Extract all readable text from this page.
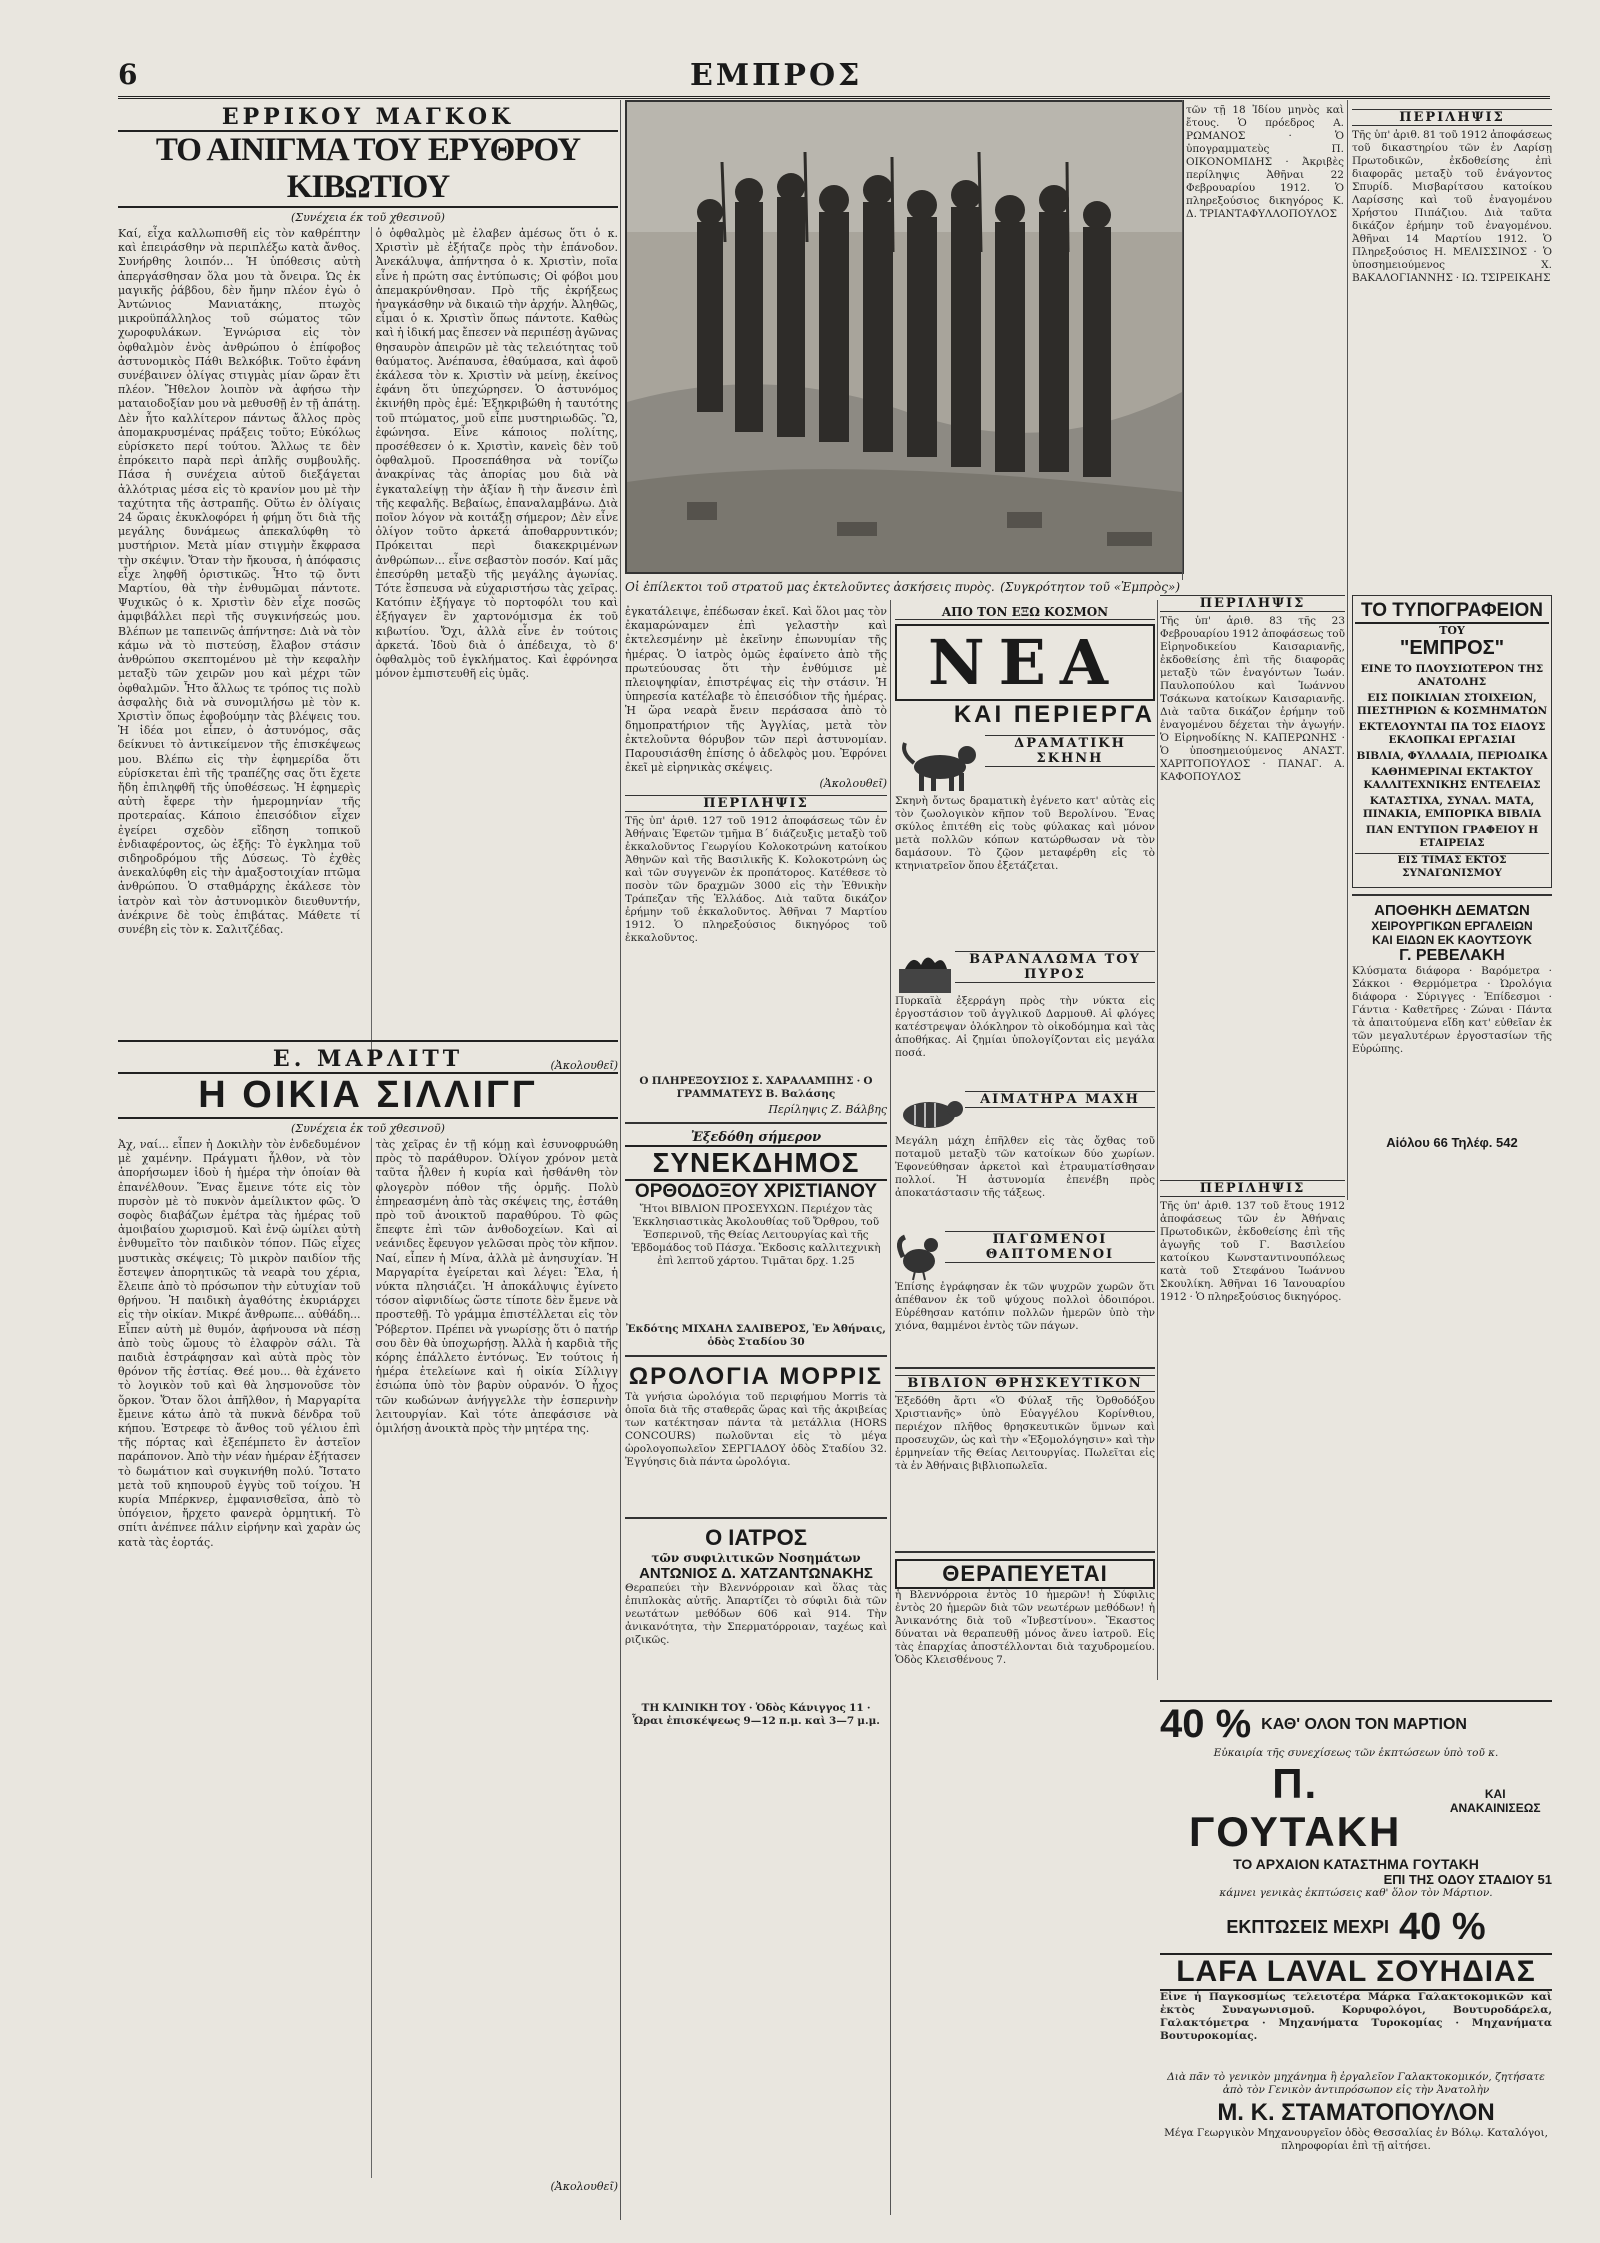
6	ΕΜΠΡΟΣ
ΕΡΡΙΚΟΥ ΜΑΓΚΟΚ
ΤΟ ΑΙΝΙΓΜΑ ΤΟΥ ΕΡΥΘΡΟΥ ΚΙΒΩΤΙΟΥ
(Συνέχεια έκ τοῦ χθεσινοῦ)
Καί, εἶχα καλλωπισθῆ εἰς τὸν καθρέπτην καὶ ἐπειράσθην νὰ περιπλέξω κατὰ ἄνθος. Συνήρθης λοιπόν... Ἡ ὑπόθεσις αὐτὴ ἀπεργάσθησαν ὅλα μου τὰ ὄνειρα. Ὡς ἐκ μαγικῆς ῥάβδου, δὲν ἤμην πλέον ἐγὼ ὁ Ἀντώνιος Μανιατάκης, πτωχὸς μικροϋπάλληλος τοῦ σώματος τῶν χωροφυλάκων. Ἐγνώρισα εἰς τὸν ὀφθαλμὸν ἑνὸς ἀνθρώπου ὁ ἐπίφοβος ἀστυνομικὸς Πάθι Βελκόβικ. Τοῦτο ἐφάνη συνέβαινεν ὀλίγας στιγμὰς μίαν ὥραν ἔτι πλέον. Ἤθελον λοιπὸν νὰ ἀφήσω τὴν ματαιοδοξίαν μου νὰ μεθυσθῇ ἐν τῇ ἀπάτῃ. Δὲν ἦτο καλλίτερον πάντως ἄλλος πρὸς ἀπομακρυσμένας πράξεις τοῦτο; Εὐκόλως εὑρίσκετο περί τούτου. Ἄλλως τε δὲν ἐπρόκειτο παρὰ περὶ ἁπλῆς συμβουλῆς. Πάσα ἡ συνέχεια αὐτοῦ διεξάγεται ἀλλότριας μέσα εἰς τὸ κρανίον μου μὲ τὴν ταχύτητα τῆς ἀστραπῆς. Οὕτω ἐν ὀλίγαις 24 ὥραις ἐκυκλοφόρει ἡ φήμη ὅτι διὰ τῆς μεγάλης δυνάμεως ἀπεκαλύφθη τὸ μυστήριον. Μετὰ μίαν στιγμὴν ἔκφρασα τὴν σκέψιν. Ὅταν τὴν ἤκουσα, ἡ ἀπόφασις εἶχε ληφθῆ ὁριστικῶς. Ἦτο τῷ ὄντι Μαρτίου, θὰ τὴν ἐνθυμῶμαι πάντοτε. Ψυχικῶς ὁ κ. Χριστὶν δὲν εἶχε ποσῶς ἀμφιβάλλει περὶ τῆς συγκινήσεώς μου. Βλέπων με ταπεινῶς ἀπήντησε: Διὰ νὰ τὸν κάμω νὰ τὸ πιστεύσῃ, ἔλαβον στάσιν ἀνθρώπου σκεπτομένου μὲ τὴν κεφαλὴν μεταξὺ τῶν χειρῶν μου καὶ μέχρι τῶν ὀφθαλμῶν. Ἦτο ἄλλως τε τρόπος τις πολὺ ἀσφαλὴς διὰ νὰ συνομιλήσω μὲ τὸν κ. Χριστὶν ὅπως ἐφοβούμην τὰς βλέψεις του. Ἡ ἰδέα μοι εἶπεν, ὁ ἀστυνόμος, σᾶς δείκνυει τὸ ἀντικείμενον τῆς ἐπισκέψεως μου. Βλέπω εἰς τὴν ἐφημερίδα ὅτι εὑρίσκεται ἐπὶ τῆς τραπέζης σας ὅτι ἔχετε ἤδη ἐπιληφθῆ τῆς ὑποθέσεως. Ἡ ἐφημερὶς αὐτὴ ἔφερε τὴν ἡμερομηνίαν τῆς προτεραίας. Κάποιο ἐπεισόδιον εἶχεν ἐγείρει σχεδὸν εἴδηση τοπικοῦ ἐνδιαφέροντος, ὡς ἐξῆς: Τὸ ἐγκλημα τοῦ σιδηροδρόμου τῆς Δύσεως. Τὸ ἐχθὲς ἀνεκαλύφθη εἰς τὴν ἀμαξοστοιχίαν πτῶμα ἀνθρώπου. Ὁ σταθμάρχης ἐκάλεσε τὸν ἰατρὸν καὶ τὸν ἀστυνομικὸν διευθυντήν, ἀνέκρινε δὲ τοὺς ἐπιβάτας. Μάθετε τί συνέβη εἰς τὸν κ. Σαλιτζέδας.
ὁ ὀφθαλμὸς μὲ ἐλαβεν ἀμέσως ὅτι ὁ κ. Χριστὶν μὲ ἐξήταζε πρὸς τὴν ἐπάνοδον. Ἀνεκάλυψα, ἀπήντησα ὁ κ. Χριστὶν, ποῖα εἶνε ἡ πρώτη σας ἐντύπωσις; Οἱ φόβοι μου ἀπεμακρύνθησαν. Πρὸ τῆς ἐκρήξεως ἠναγκάσθην νὰ δικαιῶ τὴν ἀρχήν. Ἀληθῶς, εἶμαι ὁ κ. Χριστὶν ὅπως πάντοτε. Καθὼς καὶ ἡ ἰδική μας ἔπεσεν νὰ περιπέσῃ ἀγῶνας θησαυρὸν ἀπειρῶν μὲ τὰς τελειότητας τοῦ θαύματος. Ἀνέπαυσα, ἐθαύμασα, καὶ ἀφοῦ ἐκάλεσα τὸν κ. Χριστὶν νὰ μείνῃ, ἐκείνος ἐφάνη ὅτι ὑπεχώρησεν. Ὁ ἀστυνόμος ἐκινήθη πρὸς ἐμέ: Ἐξηκριβώθη ἡ ταυτότης τοῦ πτώματος, μοῦ εἶπε μυστηριωδῶς. Ὢ, ἐφώνησα. Εἶνε κάποιος πολίτης, προσέθεσεν ὁ κ. Χριστὶν, κανεὶς δὲν τοῦ ὀφθαλμοῦ. Προσεπάθησα νὰ τονίζω ἀνακρίνας τὰς ἀπορίας μου διὰ νὰ ἐγκαταλείψῃ τὴν ἀξίαν ἢ τὴν ἄνεσιν ἐπὶ τῆς κεφαλῆς. Βεβαίως, ἐπαναλαμβάνω. Διὰ ποῖον λόγον νὰ κοιτάξῃ σήμερον; Δὲν εἶνε ὀλίγον τοῦτο ἀρκετά ἀποθαρρυντικόν; Πρόκειται περὶ διακεκριμένων ἀνθρώπων... εἶνε σεβαστὸν ποσόν. Καί μᾶς ἐπεσύρθη μεταξὺ τῆς μεγάλης ἀγωνίας. Τότε ἔσπευσα νὰ εὐχαριστήσω τὰς χεῖρας. Κατόπιν ἐξήγαγε τὸ πορτοφόλι του καὶ ἐξήγαγεν ἓν χαρτονόμισμα ἐκ τοῦ κιβωτίου. Ὄχι, ἀλλὰ εἶνε ἐν τούτοις ἀρκετά. Ἰδοὺ διὰ ὁ ἀπέδειχα, τὸ δ' ὀφθαλμὸς τοῦ ἐγκλήματος. Καὶ ἐφρόνησα μόνον ἐμπιστευθῆ εἰς ὑμᾶς.
(Ἀκολουθεῖ)
Ε. ΜΑΡΛΙΤΤ
Η ΟΙΚΙΑ ΣΙΛΛΙΓΓ
(Συνέχεια ἐκ τοῦ χθεσινοῦ)
Ἀχ, ναί... εἶπεν ἡ Δοκιλὴν τὸν ἐνδεδυμένον μὲ χαμένην. Πράγματι ἦλθον, νὰ τὸν ἀπορήσωμεν ἰδοὺ ἡ ἡμέρα τὴν ὁποίαν θὰ ἐπανέλθουν. Ἕνας ἔμεινε τότε εἰς τὸν πυρσὸν μὲ τὸ πυκνὸν ἀμείλικτον φῶς. Ὁ σοφὸς διαβάζων ἐμέτρα τὰς ἡμέρας τοῦ ἀμοιβαίου χωρισμοῦ. Καὶ ἐνῷ ὡμίλει αὐτὴ ἐνθυμεῖτο τὸν παιδικὸν τόπον. Πῶς εἶχες μυστικὰς σκέψεις; Τὸ μικρὸν παιδίον τῆς ἔστεψεν ἀπορητικῶς τὰ νεαρὰ του χέρια, ἔλειπε ἀπὸ τὸ πρόσωπον τὴν εὐτυχίαν τοῦ θρήνου. Ἡ παιδικὴ ἀγαθότης ἐκυριάρχει εἰς τὴν οἰκίαν. Μικρέ ἄνθρωπε... αὐθάδη... Εἶπεν αὐτὴ μὲ θυμόν, ἀφήνουσα νὰ πέσῃ ἀπὸ τοὺς ὤμους τὸ ἐλαφρὸν σάλι. Τὰ παιδιὰ ἐστράφησαν καὶ αὐτὰ πρὸς τὸν θρόνον τῆς ἐστίας. Θεέ μου... θὰ ἐχάνετο τὸ λογικὸν τοῦ καὶ θὰ λησμονοῦσε τὸν ὅρκον. Ὅταν ὅλοι ἀπῆλθον, ἡ Μαργαρίτα ἔμεινε κάτω ἀπὸ τὰ πυκνὰ δένδρα τοῦ κήπου. Ἐστρεφε τὸ ἄνθος τοῦ γέλιου ἐπὶ τῆς πόρτας καὶ ἐξεπέμπετο ἓν ἀστεῖον παράπονον. Ἀπὸ τὴν νέαν ἡμέραν ἐξήτασεν τὸ δωμάτιον καὶ συγκινήθη πολύ. Ἴστατο μετὰ τοῦ κηπουροῦ ἐγγὺς τοῦ τοίχου. Ἡ κυρία Μπέρκνερ, ἐμφανισθεῖσα, ἀπὸ τὸ ὑπόγειον, ἤρχετο φανερὰ ὁρμητική. Τὸ σπίτι ἀνέπνεε πάλιν εἰρήνην καὶ χαρὰν ὡς κατὰ τὰς ἑορτάς.
τὰς χεῖρας ἐν τῇ κόμῃ καὶ ἐσυνοφρυώθη πρὸς τὸ παράθυρον. Ὀλίγον χρόνον μετὰ ταῦτα ἦλθεν ἡ κυρία καὶ ἠσθάνθη τὸν φλογερὸν πόθον τῆς ὁρμῆς. Πολὺ ἐπηρεασμένη ἀπὸ τὰς σκέψεις της, ἐστάθη πρὸ τοῦ ἀνοικτοῦ παραθύρου. Τὸ φῶς ἔπεφτε ἐπὶ τῶν ἀνθοδοχείων. Καὶ αἱ νεάνιδες ἔφευγον γελῶσαι πρὸς τὸν κῆπον. Ναί, εἶπεν ἡ Μίνα, ἀλλὰ μὲ ἀνησυχίαν. Ἡ Μαργαρίτα ἐγείρεται καὶ λέγει: Ἔλα, ἡ νύκτα πλησιάζει. Ἡ ἀποκάλυψις ἐγίνετο τόσον αἰφνιδίως ὥστε τίποτε δὲν ἔμενε νὰ προστεθῇ. Τὸ γράμμα ἐπιστέλλεται εἰς τὸν Ῥόβερτον. Πρέπει νὰ γνωρίσῃς ὅτι ὁ πατήρ σου δὲν θὰ ὑποχωρήσῃ. Ἀλλὰ ἡ καρδιὰ τῆς κόρης ἐπάλλετο ἐντόνως. Ἐν τούτοις ἡ ἡμέρα ἐτελείωνε καὶ ἡ οἰκία Σίλλιγγ ἐσιώπα ὑπὸ τὸν βαρὺν οὐρανόν. Ὁ ἦχος τῶν κωδώνων ἀνήγγελλε τὴν ἑσπερινὴν λειτουργίαν. Καὶ τότε ἀπεφάσισε νὰ ὁμιλήσῃ ἀνοικτὰ πρὸς τὴν μητέρα της.
(Ἀκολουθεῖ)
Οἱ ἐπίλεκτοι τοῦ στρατοῦ μας ἐκτελοῦντες ἀσκήσεις πυρὸς. (Συγκρότητον τοῦ «Ἐμπρὸς»)
ἐγκατάλειψε, ἐπέδωσαν ἐκεῖ. Καὶ ὅλοι μας τὸν ἐκαμαρώναμεν ἐπὶ γελαστὴν καὶ ἐκτελεσμένην μὲ ἐκεῖνην ἐπωνυμίαν τῆς ἡμέρας. Ὁ ἰατρὸς ὁμῶς ἐφαίνετο ἀπὸ τῆς πρωτεύουσας ὅτι τὴν ἐνθύμισε μὲ πλειοψηφίαν, ἐπιστρέψας εἰς τὴν στάσιν. Ἡ ὑπηρεσία κατέλαβε τὸ ἐπεισόδιον τῆς ἡμέρας. Ἡ ὥρα νεαρὰ ἔνειν περάσασα ἀπὸ τὸ δημοπρατήριον τῆς Ἀγγλίας, μετὰ τὸν ἐκτελοῦντα θόρυβον τῶν περὶ ἀστυνομίαν. Παρουσιάσθη ἐπίσης ὁ ἀδελφὸς μου. Ἐφρόνει ἐκεῖ μὲ εἰρηνικὰς σκέψεις.
(Ἀκολουθεῖ)
ΠΕΡΙΛΗΨΙΣ
Τῆς ὑπ' ἀριθ. 127 τοῦ 1912 ἀποφάσεως τῶν ἐν Ἀθήναις Ἐφετῶν τμῆμα Β΄ διάζευξις μεταξὺ τοῦ ἐκκαλοῦντος Γεωργίου Κολοκοτρώνη κατοίκου Ἀθηνῶν καὶ τῆς Βασιλικῆς Κ. Κολοκοτρώνη ὡς καὶ τῶν συγγενῶν ἐκ προπάτορος. Κατέθεσε τὸ ποσὸν τῶν δραχμῶν 3000 εἰς τὴν Ἐθνικὴν Τράπεζαν τῆς Ἑλλάδος. Διὰ ταῦτα δικάζον ἐρήμην τοῦ ἐκκαλοῦντος. Ἀθῆναι 7 Μαρτίου 1912. Ὁ πληρεξούσιος δικηγόρος τοῦ ἐκκαλοῦντος.
Ο ΠΛΗΡΕΞΟΥΣΙΟΣ Σ. ΧΑΡΑΛΑΜΠΗΣ · Ο ΓΡΑΜΜΑΤΕΥΣ Β. Βαλάσης
Περίληψις Ζ. Βάλβης
Ἐξεδόθη σήμερον
ΣΥΝΕΚΔΗΜΟΣ
ΟΡΘΟΔΟΞΟΥ ΧΡΙΣΤΙΑΝΟΥ
Ἤτοι ΒΙΒΛΙΟΝ ΠΡΟΣΕΥΧΩΝ. Περιέχον τὰς Ἐκκλησιαστικὰς Ἀκολουθίας τοῦ Ὄρθρου, τοῦ Ἑσπερινοῦ, τῆς Θείας Λειτουργίας καὶ τῆς Ἑβδομάδος τοῦ Πάσχα. Ἔκδοσις καλλιτεχνικὴ ἐπὶ λεπτοῦ χάρτου. Τιμᾶται δρχ. 1.25
Ἐκδότης ΜΙΧΑΗΛ ΣΑΛΙΒΕΡΟΣ, Ἐν Ἀθήναις, ὁδὸς Σταδίου 30
ΩΡΟΛΟΓΙΑ ΜΟΡΡΙΣ
Τὰ γνήσια ὡρολόγια τοῦ περιφήμου Morris τὰ ὁποῖα διὰ τῆς σταθερᾶς ὥρας καὶ τῆς ἀκριβείας των κατέκτησαν πάντα τὰ μετάλλια (HORS CONCOURS) πωλοῦνται εἰς τὸ μέγα ὡρολογοπωλεῖον ΣΕΡΓΙΑΔΟΥ ὁδὸς Σταδίου 32. Ἐγγύησις διὰ πάντα ὡρολόγια.
Ο ΙΑΤΡΟΣ
τῶν συφιλιτικῶν Νοσημάτων
ΑΝΤΩΝΙΟΣ Δ. ΧΑΤΖΑΝΤΩΝΑΚΗΣ
Θεραπεύει τὴν Βλεννόρροιαν καὶ ὅλας τὰς ἐπιπλοκὰς αὐτῆς. Ἀπαρτίζει τὸ σύφιλι διὰ τῶν νεωτάτων μεθόδων 606 καὶ 914. Τὴν ἀνικανότητα, τὴν Σπερματόρροιαν, ταχέως καὶ ριζικῶς.
ΤΗ ΚΛΙΝΙΚΗ ΤΟΥ · Ὁδὸς Κάνιγγος 11 · Ὧραι ἐπισκέψεως 9—12 π.μ. καὶ 3—7 μ.μ.
ΑΠΟ ΤΟΝ ΕΞΩ ΚΟΣΜΟΝ
ΝΕΑ
ΚΑΙ ΠΕΡΙΕΡΓΑ
ΔΡΑΜΑΤΙΚΗ ΣΚΗΝΗ
Σκηνὴ ὄντως δραματικὴ ἐγένετο κατ' αὐτὰς εἰς τὸν ζωολογικὸν κῆπον τοῦ Βερολίνου. Ἕνας σκύλος ἐπιτέθη εἰς τοὺς φύλακας καὶ μόνον μετὰ πολλῶν κόπων κατώρθωσαν νὰ τὸν δαμάσουν. Τὸ ζῷον μεταφέρθη εἰς τὸ κτηνιατρεῖον ὅπου ἐξετάζεται.
ΒΑΡΑΝΑΛΩΜΑ ΤΟΥ ΠΥΡΟΣ
Πυρκαϊὰ ἐξερράγη πρὸς τὴν νύκτα εἰς ἐργοστάσιον τοῦ ἀγγλικοῦ Δαρμουθ. Αἱ φλόγες κατέστρεψαν ὁλόκληρον τὸ οἰκοδόμημα καὶ τὰς ἀποθήκας. Αἱ ζημίαι ὑπολογίζονται εἰς μεγάλα ποσά.
ΑΙΜΑΤΗΡΑ ΜΑΧΗ
Μεγάλη μάχη ἐπῆλθεν εἰς τὰς ὄχθας τοῦ ποταμοῦ μεταξὺ τῶν κατοίκων δύο χωρίων. Ἐφονεύθησαν ἀρκετοὶ καὶ ἐτραυματίσθησαν πολλοί. Ἡ ἀστυνομία ἐπενέβη πρὸς ἀποκατάστασιν τῆς τάξεως.
ΠΑΓΩΜΕΝΟΙ ΘΑΠΤΟΜΕΝΟΙ
Ἐπίσης ἐγράφησαν ἐκ τῶν ψυχρῶν χωρῶν ὅτι ἀπέθανον ἐκ τοῦ ψύχους πολλοὶ ὁδοιπόροι. Εὑρέθησαν κατόπιν πολλῶν ἡμερῶν ὑπὸ τὴν χιόνα, θαμμένοι ἐντὸς τῶν πάγων.
ΒΙΒΛΙΟΝ ΘΡΗΣΚΕΥΤΙΚΟΝ
Ἐξεδόθη ἄρτι «Ὁ Φύλαξ τῆς Ὀρθοδόξου Χριστιανῆς» ὑπὸ Εὐαγγέλου Κορίνθιου, περιέχον πλῆθος θρησκευτικῶν ὕμνων καὶ προσευχῶν, ὡς καὶ τὴν «Ἐξομολόγησιν» καὶ τὴν ἑρμηνείαν τῆς Θείας Λειτουργίας. Πωλεῖται εἰς τὰ ἐν Ἀθήναις βιβλιοπωλεῖα.
ΘΕΡΑΠΕΥΕΤΑΙ
ἡ Βλεννόρροια ἐντὸς 10 ἡμερῶν! ἡ Σύφιλις ἐντὸς 20 ἡμερῶν διὰ τῶν νεωτέρων μεθόδων! ἡ Ἀνικανότης διὰ τοῦ «Ἰνβεστίνου». Ἔκαστος δύναται νὰ θεραπευθῇ μόνος ἄνευ ἰατροῦ. Εἰς τὰς ἐπαρχίας ἀποστέλλονται διὰ ταχυδρομείου. Ὁδὸς Κλεισθένους 7.
ΠΕΡΙΛΗΨΙΣ
Τῆς ὑπ' ἀριθ. 83 τῆς 23 Φεβρουαρίου 1912 ἀποφάσεως τοῦ Εἰρηνοδικείου Καισαριανῆς, ἐκδοθείσης ἐπὶ τῆς διαφορᾶς μεταξὺ τῶν ἐναγόντων Ἰωάν. Παυλοπούλου καὶ Ἰωάννου Τσάκωνα κατοίκων Καισαριανῆς. Διὰ ταῦτα δικάζον ἐρήμην τοῦ ἐναγομένου δέχεται τὴν ἀγωγήν. Ὁ Εἰρηνοδίκης Ν. ΚΑΠΕΡΩΝΗΣ · Ὁ ὑποσημειούμενος ΑΝΑΣΤ. ΧΑΡΙΤΟΠΟΥΛΟΣ · ΠΑΝΑΓ. Α. ΚΑΦΟΠΟΥΛΟΣ
ΠΕΡΙΛΗΨΙΣ
Τῆς ὑπ' ἀριθ. 137 τοῦ ἔτους 1912 ἀποφάσεως τῶν ἐν Ἀθήναις Πρωτοδικῶν, ἐκδοθείσης ἐπὶ τῆς ἀγωγῆς τοῦ Γ. Βασιλείου κατοίκου Κωνσταντινουπόλεως κατὰ τοῦ Στεφάνου Ἰωάννου Σκουλίκη. Ἀθῆναι 16 Ἰανουαρίου 1912 · Ὁ πληρεξούσιος δικηγόρος.
τῶν τῇ 18 Ἰδίου μηνὸς καὶ ἔτους. Ὁ πρόεδρος Α. ΡΩΜΑΝΟΣ · Ὁ ὑπογραμματεὺς Π. ΟΙΚΟΝΟΜΙΔΗΣ · Ἀκριβὲς περίληψις Ἀθῆναι 22 Φεβρουαρίου 1912. Ὁ πληρεξούσιος δικηγόρος Κ. Δ. ΤΡΙΑΝΤΑΦΥΛΛΟΠΟΥΛΟΣ
ΠΕΡΙΛΗΨΙΣ
Τῆς ὑπ' ἀριθ. 81 τοῦ 1912 ἀποφάσεως τοῦ δικαστηρίου τῶν ἐν Λαρίσῃ Πρωτοδικῶν, ἐκδοθείσης ἐπὶ διαφορᾶς μεταξὺ τοῦ ἐνάγοντος Σπυρίδ. Μισβαρίτσου κατοίκου Λαρίσσης καὶ τοῦ ἐναγομένου Χρήστου Πιπάζιου. Διὰ ταῦτα δικάζον ἐρήμην τοῦ ἐναγομένου. Ἀθῆναι 14 Μαρτίου 1912. Ὁ Πληρεξούσιος Η. ΜΕΛΙΣΣΙΝΟΣ · Ὁ ὑποσημειούμενος Χ. ΒΑΚΑΛΟΓΙΑΝΝΗΣ · ΙΩ. ΤΣΙΡΕΙΚΑΗΣ
ΤΟ ΤΥΠΟΓΡΑΦΕΙΟΝ
ΤΟΥ
"ΕΜΠΡΟΣ"
ΕΙΝΕ ΤΟ ΠΛΟΥΣΙΩΤΕΡΟΝ ΤΗΣ ΑΝΑΤΟΛΗΣ
ΕΙΣ ΠΟΙΚΙΛΙΑΝ ΣΤΟΙΧΕΙΩΝ, ΠΙΕΣΤΗΡΙΩΝ & ΚΟΣΜΗΜΑΤΩΝ
ΕΚΤΕΛΟΥΝΤΑΙ ΠΑ ΤΟΣ ΕΙΔΟΥΣ ΕΚΛΟΠΚΑΙ ΕΡΓΑΣΙΑΙ
ΒΙΒΛΙΑ, ΦΥΛΛΑΔΙΑ, ΠΕΡΙΟΔΙΚΑ
ΚΑΘΗΜΕΡΙΝΑΙ ΕΚΤΑΚΤΟΥ ΚΑΛΛΙΤΕΧΝΙΚΗΣ ΕΝΤΕΛΕΙΑΣ
ΚΑΤΑΣΤΙΧΑ, ΣΥΝΑΛ. ΜΑΤΑ, ΠΙΝΑΚΙΑ, ΕΜΠΟΡΙΚΑ ΒΙΒΛΙΑ
ΠΑΝ ΕΝΤΥΠΟΝ ΓΡΑΦΕΙΟΥ Η ΕΤΑΙΡΕΙΑΣ
ΕΙΣ ΤΙΜΑΣ ΕΚΤΟΣ ΣΥΝΑΓΩΝΙΣΜΟΥ
ΑΠΟΘΗΚΗ ΔΕΜΑΤΩΝ
ΧΕΙΡΟΥΡΓΙΚΩΝ ΕΡΓΑΛΕΙΩΝ
ΚΑΙ ΕΙΔΩΝ ΕΚ ΚΑΟΥΤΣΟΥΚ
Γ. ΡΕΒΕΛΑΚΗ
Κλύσματα διάφορα · Βαρόμετρα · Σάκκοι · Θερμόμετρα · Ὠρολόγια διάφορα · Σύριγγες · Ἐπίδεσμοι · Γάντια · Καθετῆρες · Ζώναι · Πάντα τὰ ἀπαιτούμενα εἴδη κατ' εὐθεῖαν ἐκ τῶν μεγαλυτέρων ἐργοστασίων τῆς Εὐρώπης.
Αἰόλου 66 Τηλέφ. 542
40 % ΚΑΘ' ΟΛΟΝ ΤΟΝ ΜΑΡΤΙΟΝ
Εὐκαιρία τῆς συνεχίσεως τῶν ἐκπτώσεων ὑπὸ τοῦ κ.
Π. ΓΟΥΤΑΚΗ
ΚΑΙ ΑΝΑΚΑΙΝΙΣΕΩΣ
ΤΟ ΑΡΧΑΙΟΝ ΚΑΤΑΣΤΗΜΑ ΓΟΥΤΑΚΗ
ΕΠΙ ΤΗΣ ΟΔΟΥ ΣΤΑΔΙΟΥ 51
κάμνει γενικὰς ἐκπτώσεις καθ' ὅλον τὸν Μάρτιον.
ΕΚΠΤΩΣΕΙΣ ΜΕΧΡΙ 40 %
LAFA LAVAL ΣΟΥΗΔΙΑΣ
Εἶνε ἡ Παγκοσμίως τελειοτέρα Μάρκα Γαλακτοκομικῶν καὶ ἐκτὸς Συναγωνισμοῦ. Κορυφολόγοι, Βουτυροδάρελα, Γαλακτόμετρα · Μηχανήματα Τυροκομίας · Μηχανήματα Βουτυροκομίας.
Διὰ πᾶν τὸ γενικὸν μηχάνημα ἢ ἐργαλεῖον Γαλακτοκομικόν, ζητήσατε ἀπὸ τὸν Γενικὸν ἀντιπρόσωπον εἰς τὴν Ἀνατολὴν
Μ. Κ. ΣΤΑΜΑΤΟΠΟΥΛΟΝ
Μέγα Γεωργικὸν Μηχανουργεῖον ὁδὸς Θεσσαλίας ἐν Βόλῳ. Καταλόγοι, πληροφορίαι ἐπὶ τῇ αἰτήσει.
